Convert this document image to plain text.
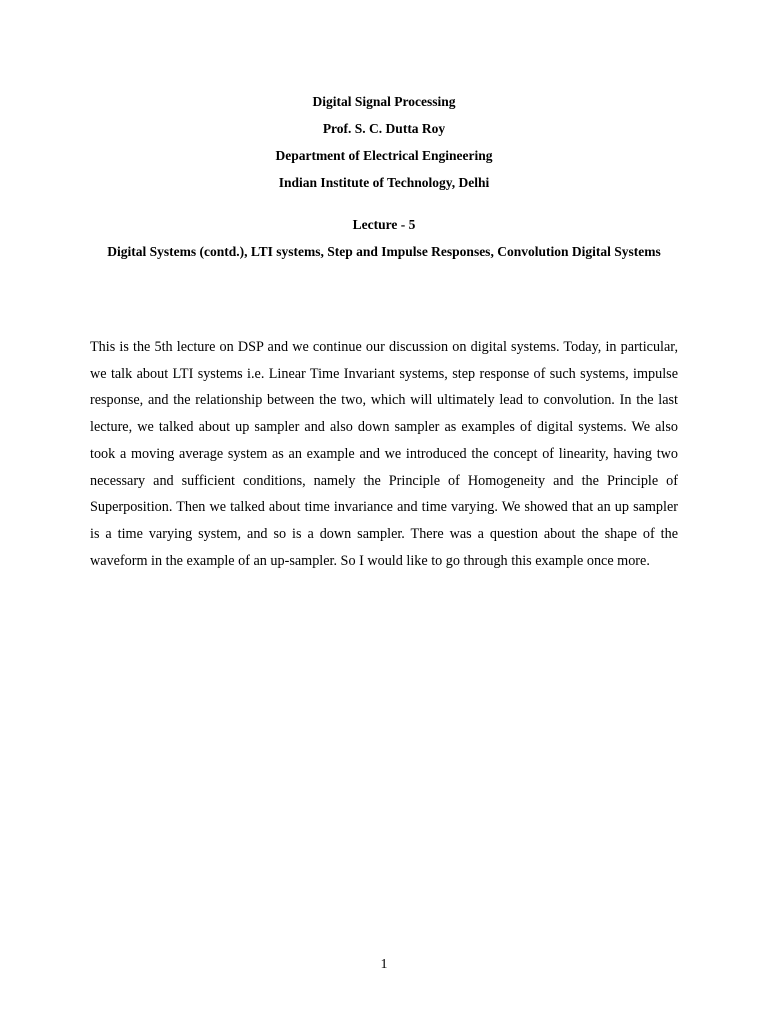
Digital Signal Processing
Prof. S. C. Dutta Roy
Department of Electrical Engineering
Indian Institute of Technology, Delhi
Lecture - 5
Digital Systems (contd.), LTI systems, Step and Impulse Responses, Convolution Digital Systems

This is the 5th lecture on DSP and we continue our discussion on digital systems. Today, in particular, we talk about LTI systems i.e. Linear Time Invariant systems, step response of such systems, impulse response, and the relationship between the two, which will ultimately lead to convolution. In the last lecture, we talked about up sampler and also down sampler as examples of digital systems. We also took a moving average system as an example and we introduced the concept of linearity, having two necessary and sufficient conditions, namely the Principle of Homogeneity and the Principle of Superposition. Then we talked about time invariance and time varying. We showed that an up sampler is a time varying system, and so is a down sampler. There was a question about the shape of the waveform in the example of an up-sampler. So I would like to go through this example once more.

1
